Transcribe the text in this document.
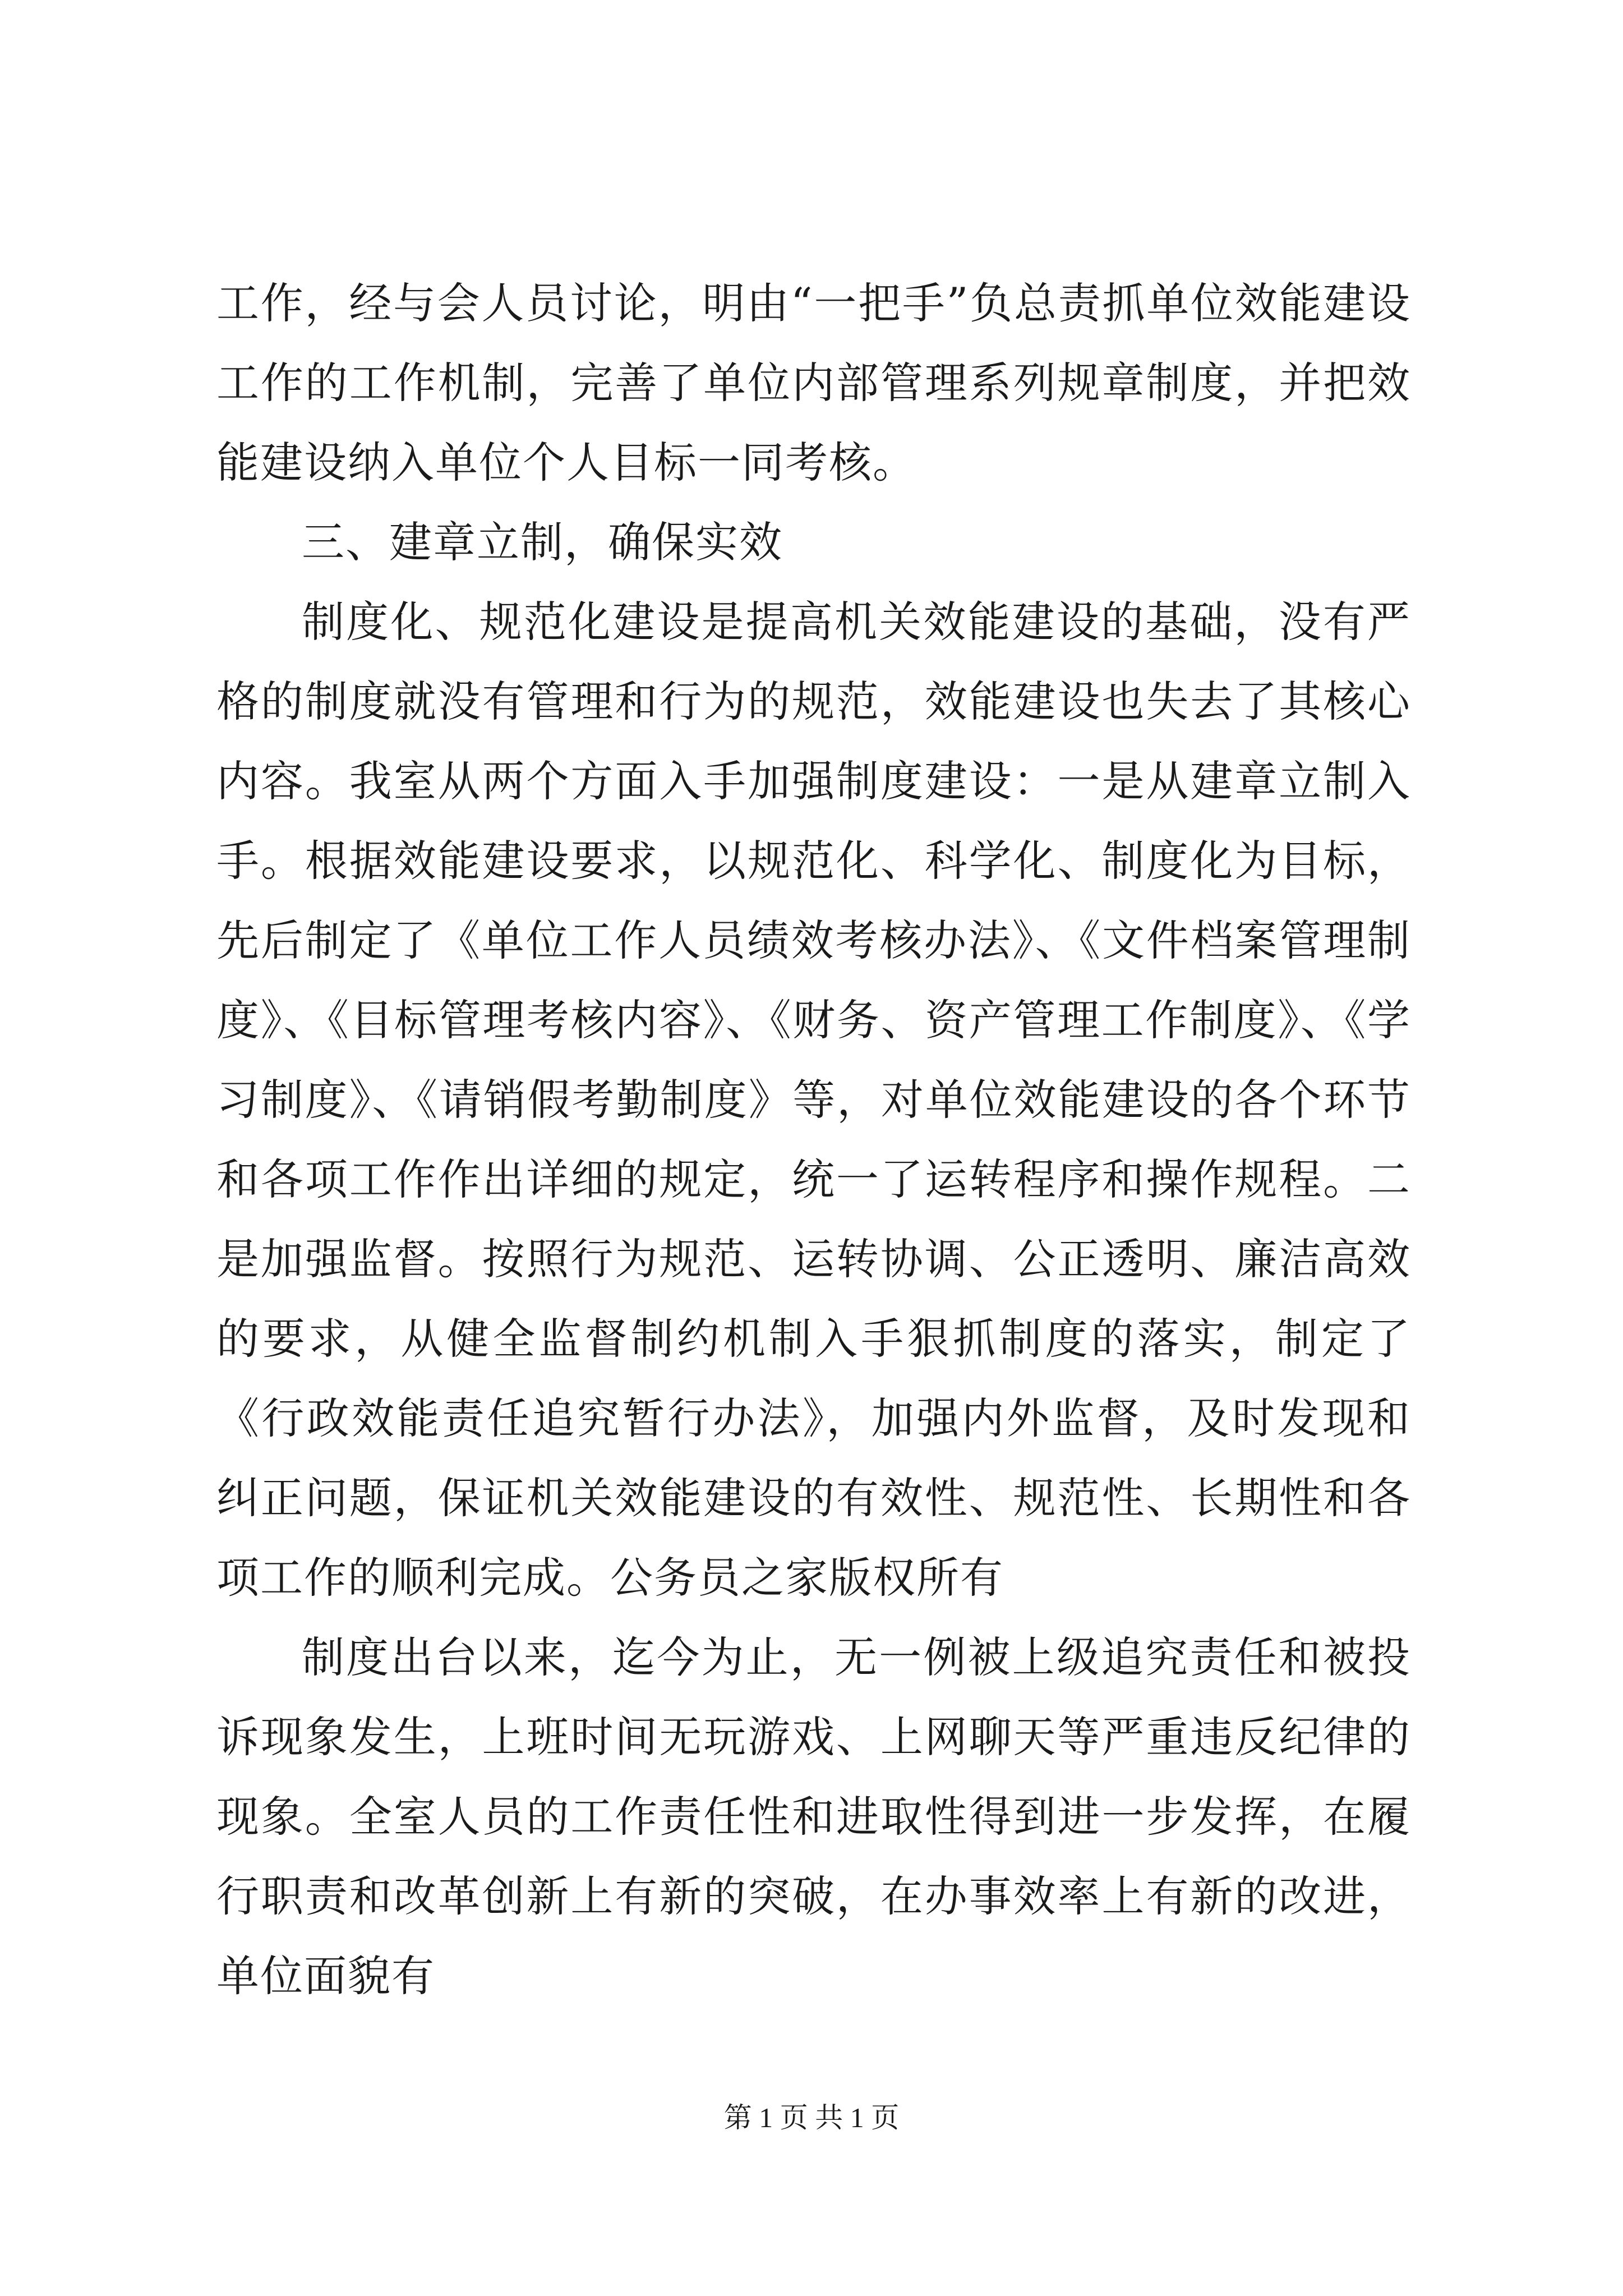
工作，经与会人员讨论，明由“一把手”负总责抓单位效能建设工作的工作机制，完善了单位内部管理系列规章制度，并把效能建设纳入单位个人目标一同考核。

三、建章立制，确保实效

制度化、规范化建设是提高机关效能建设的基础，没有严格的制度就没有管理和行为的规范，效能建设也失去了其核心内容。我室从两个方面入手加强制度建设：一是从建章立制入手。根据效能建设要求，以规范化、科学化、制度化为目标，先后制定了《单位工作人员绩效考核办法》、《文件档案管理制度》、《目标管理考核内容》、《财务、资产管理工作制度》、《学习制度》、《请销假考勤制度》等，对单位效能建设的各个环节和各项工作作出详细的规定，统一了运转程序和操作规程。二是加强监督。按照行为规范、运转协调、公正透明、廉洁高效的要求，从健全监督制约机制入手狠抓制度的落实，制定了《行政效能责任追究暂行办法》，加强内外监督，及时发现和纠正问题，保证机关效能建设的有效性、规范性、长期性和各项工作的顺利完成。公务员之家版权所有

制度出台以来，迄今为止，无一例被上级追究责任和被投诉现象发生，上班时间无玩游戏、上网聊天等严重违反纪律的现象。全室人员的工作责任性和进取性得到进一步发挥，在履行职责和改革创新上有新的突破，在办事效率上有新的改进，单位面貌有

第 1 页 共 1 页
